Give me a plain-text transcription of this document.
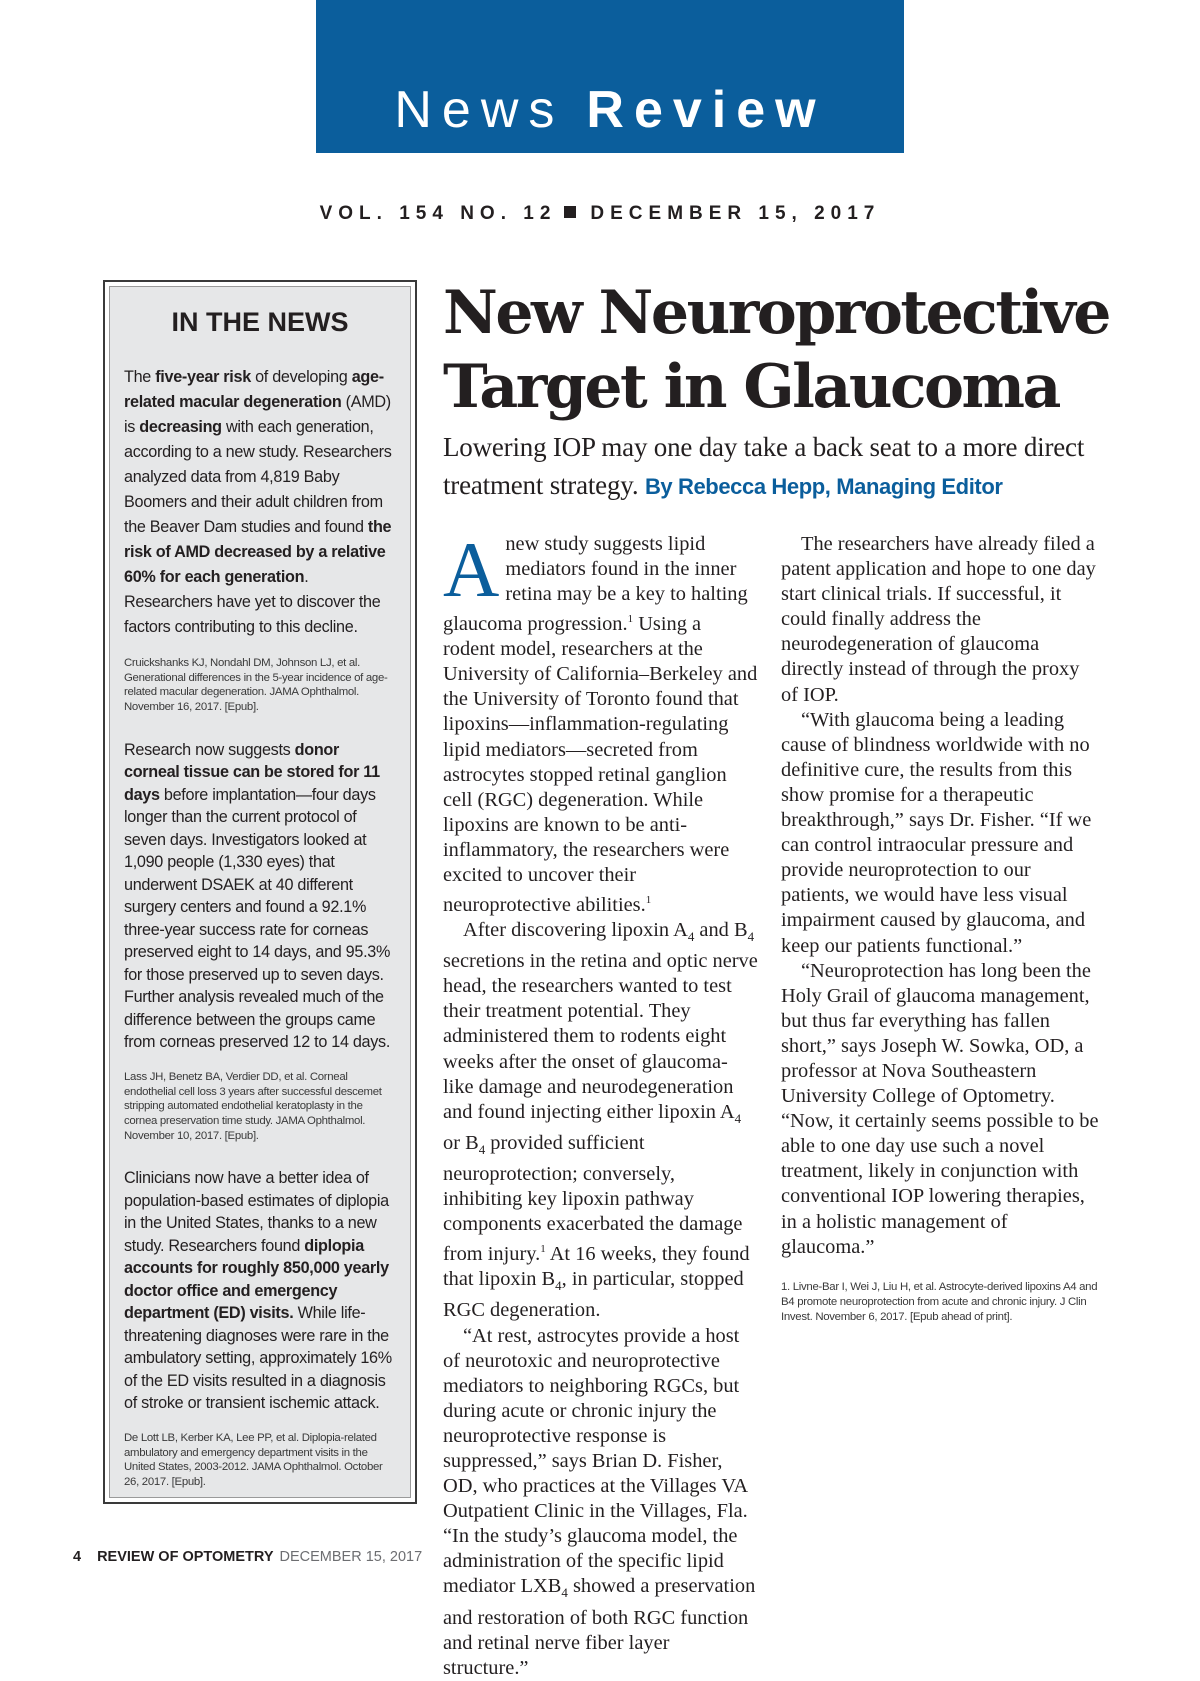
News Review
VOL. 154 NO. 12 DECEMBER 15, 2017
IN THE NEWS
The five-year risk of developing age-related macular degeneration (AMD) is decreasing with each generation, according to a new study. Researchers analyzed data from 4,819 Baby Boomers and their adult children from the Beaver Dam studies and found the risk of AMD decreased by a relative 60% for each generation. Researchers have yet to discover the factors contributing to this decline.
Cruickshanks KJ, Nondahl DM, Johnson LJ, et al. Generational differences in the 5-year incidence of age-related macular degeneration. JAMA Ophthalmol. November 16, 2017. [Epub].
Research now suggests donor corneal tissue can be stored for 11 days before implantation—four days longer than the current protocol of seven days. Investigators looked at 1,090 people (1,330 eyes) that underwent DSAEK at 40 different surgery centers and found a 92.1% three-year success rate for corneas preserved eight to 14 days, and 95.3% for those preserved up to seven days. Further analysis revealed much of the difference between the groups came from corneas preserved 12 to 14 days.
Lass JH, Benetz BA, Verdier DD, et al. Corneal endothelial cell loss 3 years after successful descemet stripping automated endothelial keratoplasty in the cornea preservation time study. JAMA Ophthalmol. November 10, 2017. [Epub].
Clinicians now have a better idea of population-based estimates of diplopia in the United States, thanks to a new study. Researchers found diplopia accounts for roughly 850,000 yearly doctor office and emergency department (ED) visits. While life-threatening diagnoses were rare in the ambulatory setting, approximately 16% of the ED visits resulted in a diagnosis of stroke or transient ischemic attack.
De Lott LB, Kerber KA, Lee PP, et al. Diplopia-related ambulatory and emergency department visits in the United States, 2003-2012. JAMA Ophthalmol. October 26, 2017. [Epub].
New Neuroprotective
Target in Glaucoma
Lowering IOP may one day take a back seat to a more direct treatment strategy. By Rebecca Hepp, Managing Editor

Anew study suggests lipid mediators found in the inner retina may be a key to halting glaucoma progression.$^1$ Using a rodent model, researchers at the University of California–Berkeley and the University of Toronto found that lipoxins—inflammation-regulating lipid mediators—secreted from astrocytes stopped retinal ganglion cell (RGC) degeneration. While lipoxins are known to be anti-inflammatory, the researchers were excited to uncover their neuroprotective abilities.$^1$

After discovering lipoxin $A_4$ and $B_4$ secretions in the retina and optic nerve head, the researchers wanted to test their treatment potential. They administered them to rodents eight weeks after the onset of glaucoma-like damage and neurodegeneration and found injecting either lipoxin $A_4$ or $B_4$ provided sufficient neuroprotection; conversely, inhibiting key lipoxin pathway components exacerbated the damage from injury.$^1$ At 16 weeks, they found that lipoxin $B_4$, in particular, stopped RGC degeneration.

“At rest, astrocytes provide a host of neurotoxic and neuroprotective mediators to neighboring RGCs, but during acute or chronic injury the neuroprotective response is suppressed,” says Brian D. Fisher, OD, who practices at the Villages VA Outpatient Clinic in the Villages, Fla. “In the study’s glaucoma model, the administration of the specific lipid mediator $LXB_4$ showed a preservation and restoration of both RGC function and retinal nerve fiber layer structure.”

The researchers have already filed a patent application and hope to one day start clinical trials. If successful, it could finally address the neurodegeneration of glaucoma directly instead of through the proxy of IOP.

“With glaucoma being a leading cause of blindness worldwide with no definitive cure, the results from this show promise for a therapeutic breakthrough,” says Dr. Fisher. “If we can control intraocular pressure and provide neuroprotection to our patients, we would have less visual impairment caused by glaucoma, and keep our patients functional.”

“Neuroprotection has long been the Holy Grail of glaucoma management, but thus far everything has fallen short,” says Joseph W. Sowka, OD, a professor at Nova Southeastern University College of Optometry. “Now, it certainly seems possible to be able to one day use such a novel treatment, likely in conjunction with conventional IOP lowering therapies, in a holistic management of glaucoma.”

1. Livne-Bar I, Wei J, Liu H, et al. Astrocyte-derived lipoxins A4 and B4 promote neuroprotection from acute and chronic injury. J Clin Invest. November 6, 2017. [Epub ahead of print].
4 REVIEW OF OPTOMETRY DECEMBER 15, 2017
